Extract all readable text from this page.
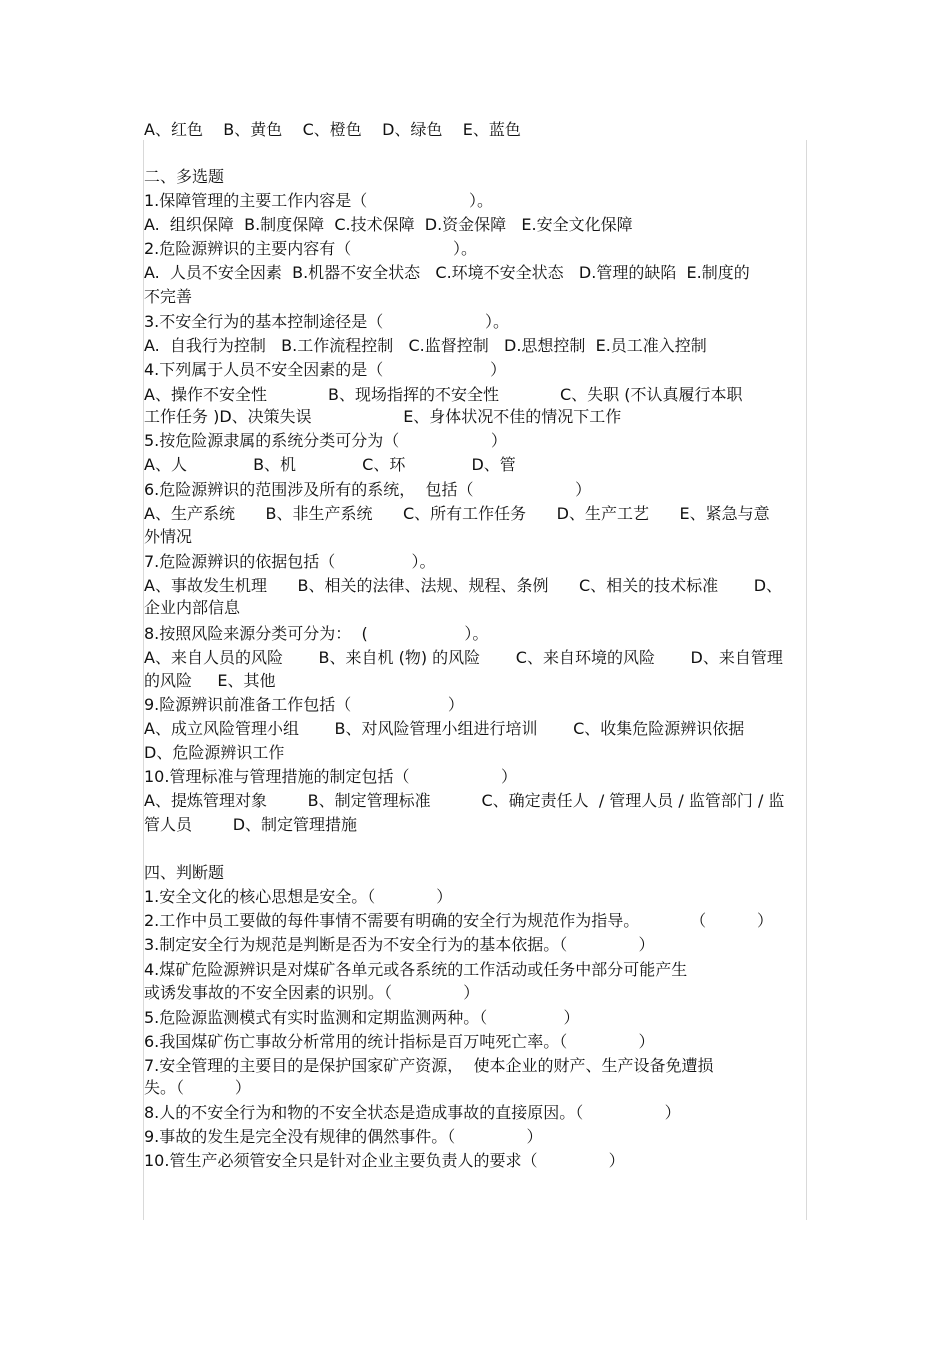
A、红色    B、黄色    C、橙色    D、绿色    E、蓝色
二、多选题
1.保障管理的主要工作内容是（                    ）。
A.  组织保障  B.制度保障  C.技术保障  D.资金保障   E.安全文化保障
2.危险源辨识的主要内容有（                    ）。
A.  人员不安全因素  B.机器不安全状态   C.环境不安全状态   D.管理的缺陷  E.制度的
不完善
3.不安全行为的基本控制途径是（                    ）。
A.  自我行为控制   B.工作流程控制   C.监督控制   D.思想控制  E.员工准入控制
4.下列属于人员不安全因素的是（                     ）
A、操作不安全性            B、现场指挥的不安全性            C、失职 (不认真履行本职
工作任务 )D、决策失误                  E、身体状况不佳的情况下工作
5.按危险源隶属的系统分类可分为（                  ）
A、人             B、机             C、环             D、管
6.危险源辨识的范围涉及所有的系统，  包括（                    ）
A、生产系统      B、非生产系统      C、所有工作任务      D、生产工艺      E、紧急与意
外情况
7.危险源辨识的依据包括（               ）。
A、事故发生机理      B、相关的法律、法规、规程、条例      C、相关的技术标准       D、
企业内部信息
8.按照风险来源分类可分为：  (                   ）。
A、来自人员的风险       B、来自机 (物) 的风险       C、来自环境的风险       D、来自管理
的风险     E、其他
9.险源辨识前准备工作包括（                   ）
A、成立风险管理小组       B、对风险管理小组进行培训       C、收集危险源辨识依据
D、危险源辨识工作
10.管理标准与管理措施的制定包括（                  ）
A、提炼管理对象        B、制定管理标准          C、确定责任人  / 管理人员 / 监管部门 / 监
管人员        D、制定管理措施
四、判断题
1.安全文化的核心思想是安全。（            ）
2.工作中员工要做的每件事情不需要有明确的安全行为规范作为指导。          （          ）
3.制定安全行为规范是判断是否为不安全行为的基本依据。（              ）
4.煤矿危险源辨识是对煤矿各单元或各系统的工作活动或任务中部分可能产生
或诱发事故的不安全因素的识别。（              ）
5.危险源监测模式有实时监测和定期监测两种。（               ）
6.我国煤矿伤亡事故分析常用的统计指标是百万吨死亡率。（              ）
7.安全管理的主要目的是保护国家矿产资源，  使本企业的财产、生产设备免遭损
失。（          ）
8.人的不安全行为和物的不安全状态是造成事故的直接原因。（                ）
9.事故的发生是完全没有规律的偶然事件。（              ）
10.管生产必须管安全只是针对企业主要负责人的要求（              ）
